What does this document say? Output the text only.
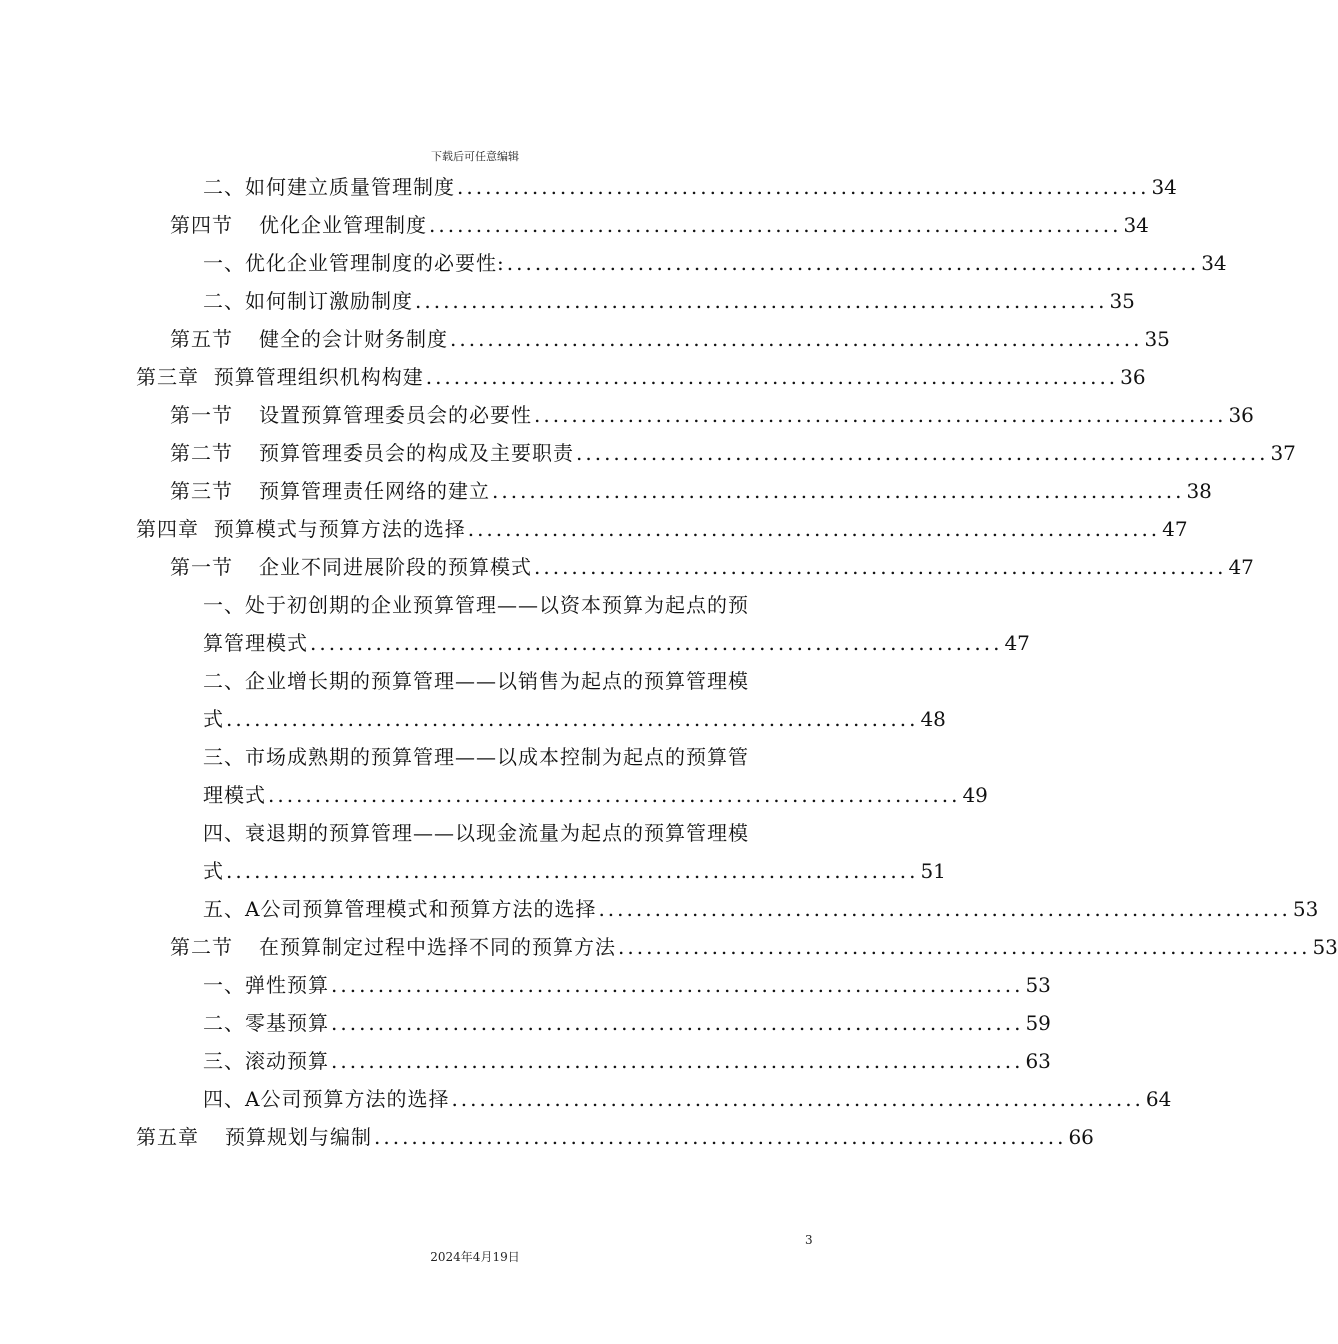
下载后可任意编辑
二、如何建立质量管理制度 .......................................................................... 34
第四节 优化企业管理制度 .......................................................................... 34
一、优化企业管理制度的必要性: .......................................................................... 34
二、如何制订激励制度 .......................................................................... 35
第五节 健全的会计财务制度 .......................................................................... 35
第三章 预算管理组织机构构建 .......................................................................... 36
第一节 设置预算管理委员会的必要性 .......................................................................... 36
第二节 预算管理委员会的构成及主要职责 .......................................................................... 37
第三节 预算管理责任网络的建立 .......................................................................... 38
第四章 预算模式与预算方法的选择 .......................................................................... 47
第一节 企业不同进展阶段的预算模式 .......................................................................... 47
一、处于初创期的企业预算管理——以资本预算为起点的预
算管理模式 .......................................................................... 47
二、企业增长期的预算管理——以销售为起点的预算管理模
式 .......................................................................... 48
三、市场成熟期的预算管理——以成本控制为起点的预算管
理模式 .......................................................................... 49
四、衰退期的预算管理——以现金流量为起点的预算管理模
式 .......................................................................... 51
五、A公司预算管理模式和预算方法的选择 .......................................................................... 53
第二节 在预算制定过程中选择不同的预算方法 .......................................................................... 53
一、弹性预算 .......................................................................... 53
二、零基预算 .......................................................................... 59
三、滚动预算 .......................................................................... 63
四、A公司预算方法的选择 .......................................................................... 64
第五章 预算规划与编制 .......................................................................... 66
3
2024年4月19日
